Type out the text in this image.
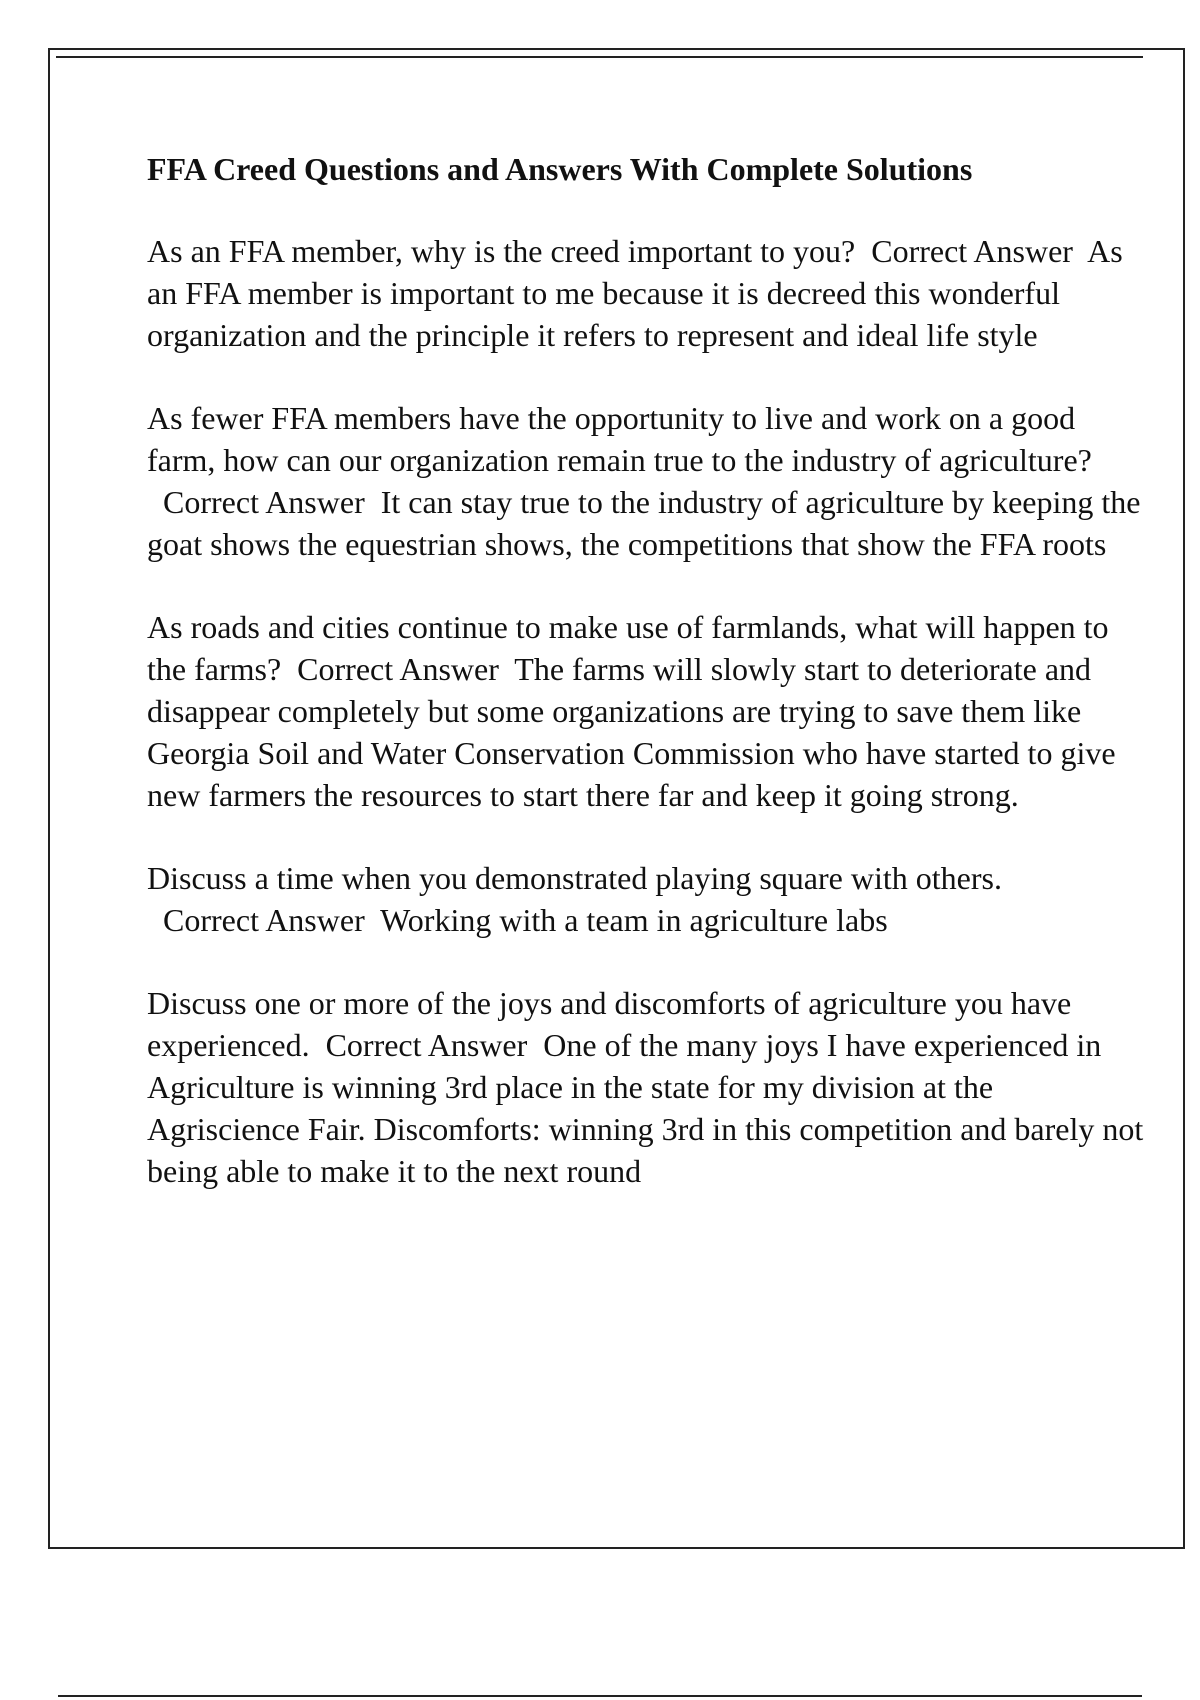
FFA Creed Questions and Answers With Complete Solutions
As an FFA member, why is the creed important to you?  Correct Answer  As an FFA member is important to me because it is decreed this wonderful organization and the principle it refers to represent and ideal life style
As fewer FFA members have the opportunity to live and work on a good farm, how can our organization remain true to the industry of agriculture?  Correct Answer  It can stay true to the industry of agriculture by keeping the goat shows the equestrian shows, the competitions that show the FFA roots
As roads and cities continue to make use of farmlands, what will happen to the farms?  Correct Answer  The farms will slowly start to deteriorate and disappear completely but some organizations are trying to save them like Georgia Soil and Water Conservation Commission who have started to give new farmers the resources to start there far and keep it going strong.
Discuss a time when you demonstrated playing square with others.  Correct Answer  Working with a team in agriculture labs
Discuss one or more of the joys and discomforts of agriculture you have experienced.  Correct Answer  One of the many joys I have experienced in Agriculture is winning 3rd place in the state for my division at the Agriscience Fair. Discomforts: winning 3rd in this competition and barely not being able to make it to the next round
